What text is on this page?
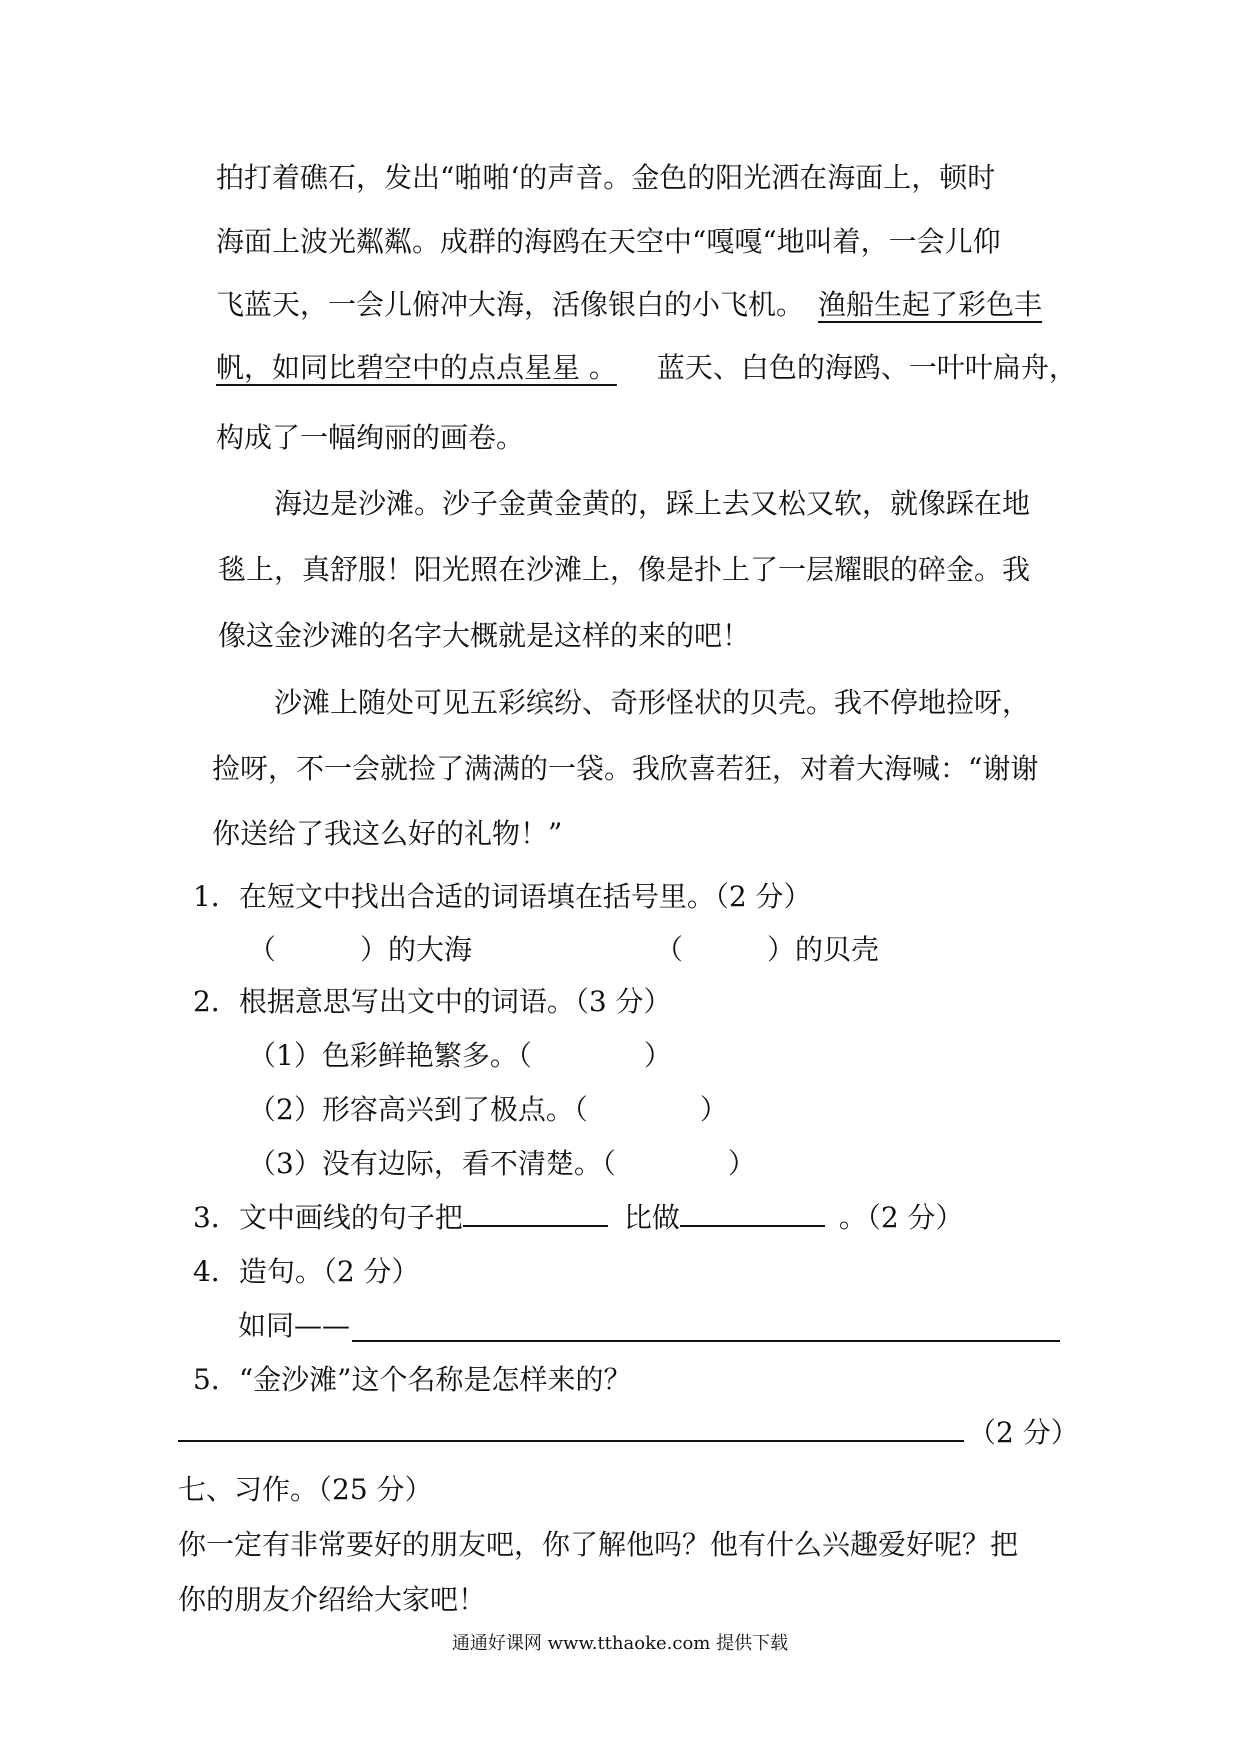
拍打着礁石，发出“啪啪‘的声音。金色的阳光洒在海面上，顿时
海面上波光粼粼。成群的海鸥在天空中“嘎嘎“地叫着，一会儿仰
飞蓝天，一会儿俯冲大海，活像银白的小飞机。 渔船生起了彩色丰
帆，如同比碧空中的点点星星 。 蓝天、白色的海鸥、一叶叶扁舟，
构成了一幅绚丽的画卷。
海边是沙滩。沙子金黄金黄的，踩上去又松又软，就像踩在地
毯上，真舒服！阳光照在沙滩上，像是扑上了一层耀眼的碎金。我
像这金沙滩的名字大概就是这样的来的吧！
沙滩上随处可见五彩缤纷、奇形怪状的贝壳。我不停地捡呀，
捡呀，不一会就捡了满满的一袋。我欣喜若狂，对着大海喊：“谢谢
你送给了我这么好的礼物！”
1．在短文中找出合适的词语填在括号里。（2 分）
（　　　）的大海	（　　　）的贝壳
2．根据意思写出文中的词语。（3 分）
（1）色彩鲜艳繁多。（　　　　）
（2）形容高兴到了极点。（　　　　）
（3）没有边际，看不清楚。（　　　　）
3．文中画线的句子把	比做	。（2 分）
4．造句。（2 分）
如同——
5．“金沙滩”这个名称是怎样来的？
（2 分）
七、习作。（25 分）
你一定有非常要好的朋友吧，你了解他吗？他有什么兴趣爱好呢？把
你的朋友介绍给大家吧！
通通好课网 www.tthaoke.com 提供下载
